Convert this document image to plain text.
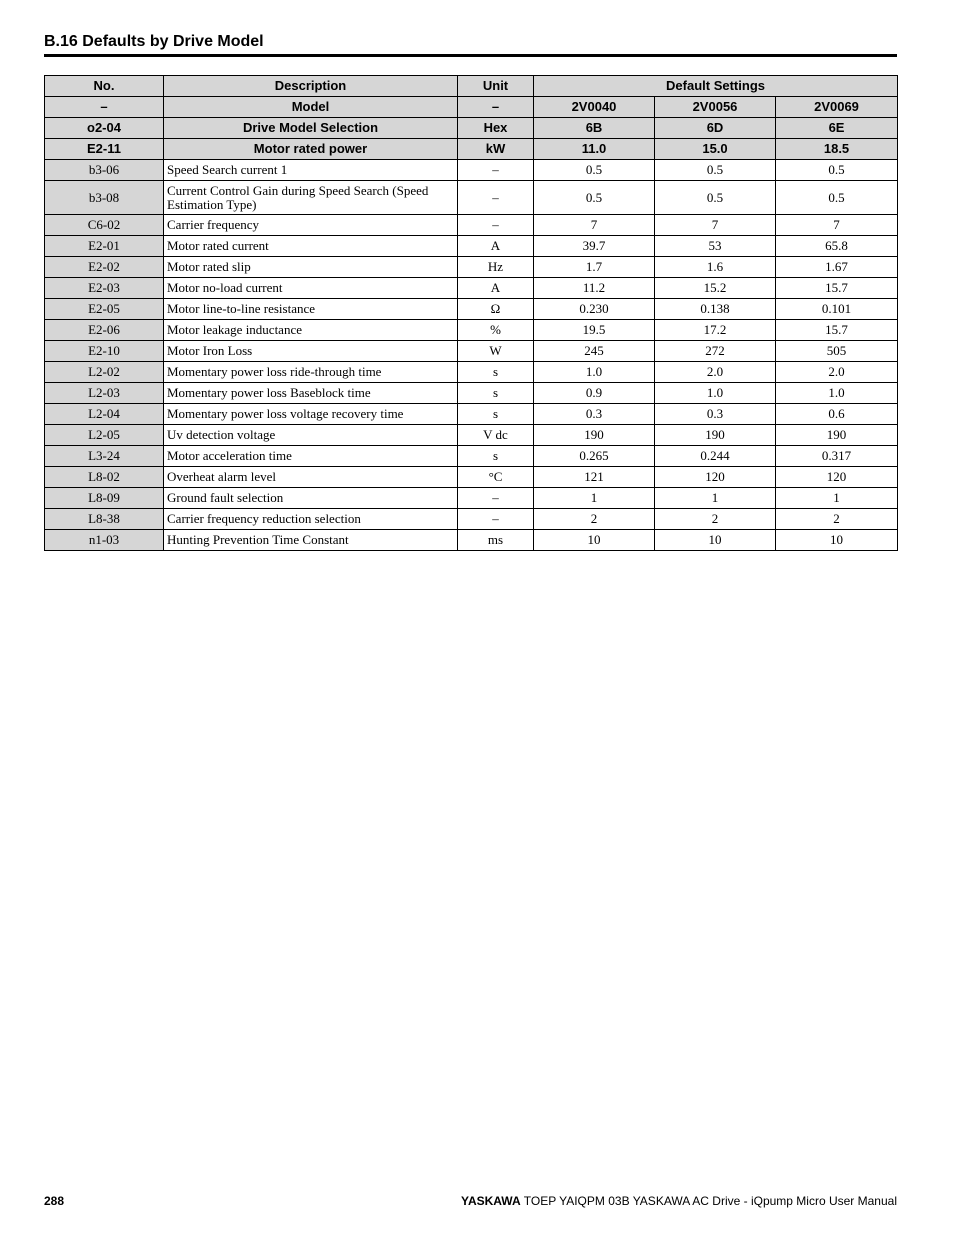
B.16 Defaults by Drive Model
No.	Description	Unit	Default Settings		
–	Model	–	2V0040	2V0056	2V0069
o2-04	Drive Model Selection	Hex	6B	6D	6E
E2-11	Motor rated power	kW	11.0	15.0	18.5
b3-06	Speed Search current 1	–	0.5	0.5	0.5
b3-08	Current Control Gain during Speed Search (Speed Estimation Type)	–	0.5	0.5	0.5
C6-02	Carrier frequency	–	7	7	7
E2-01	Motor rated current	A	39.7	53	65.8
E2-02	Motor rated slip	Hz	1.7	1.6	1.67
E2-03	Motor no-load current	A	11.2	15.2	15.7
E2-05	Motor line-to-line resistance	Ω	0.230	0.138	0.101
E2-06	Motor leakage inductance	%	19.5	17.2	15.7
E2-10	Motor Iron Loss	W	245	272	505
L2-02	Momentary power loss ride-through time	s	1.0	2.0	2.0
L2-03	Momentary power loss Baseblock time	s	0.9	1.0	1.0
L2-04	Momentary power loss voltage recovery time	s	0.3	0.3	0.6
L2-05	Uv detection voltage	V dc	190	190	190
L3-24	Motor acceleration time	s	0.265	0.244	0.317
L8-02	Overheat alarm level	°C	121	120	120
L8-09	Ground fault selection	–	1	1	1
L8-38	Carrier frequency reduction selection	–	2	2	2
n1-03	Hunting Prevention Time Constant	ms	10	10	10
288	YASKAWA TOEP YAIQPM 03B YASKAWA AC Drive - iQpump Micro User Manual
